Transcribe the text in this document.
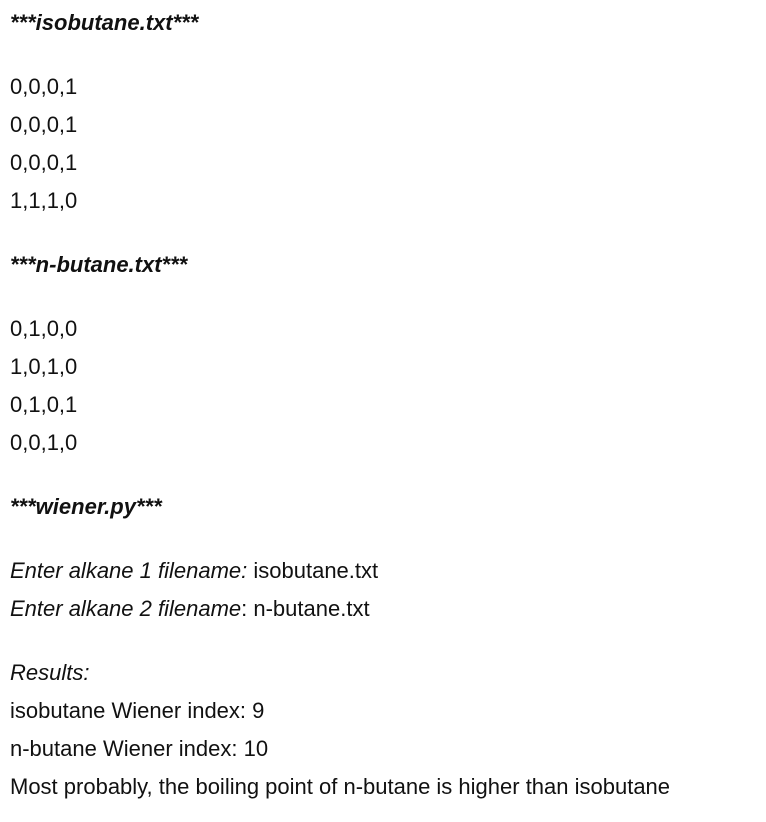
***isobutane.txt***
0,0,0,1
0,0,0,1
0,0,0,1
1,1,1,0
***n-butane.txt***
0,1,0,0
1,0,1,0
0,1,0,1
0,0,1,0
***wiener.py***
Enter alkane 1 filename: isobutane.txt
Enter alkane 2 filename: n-butane.txt
Results:
isobutane Wiener index: 9
n-butane Wiener index: 10
Most probably, the boiling point of n-butane is higher than isobutane
